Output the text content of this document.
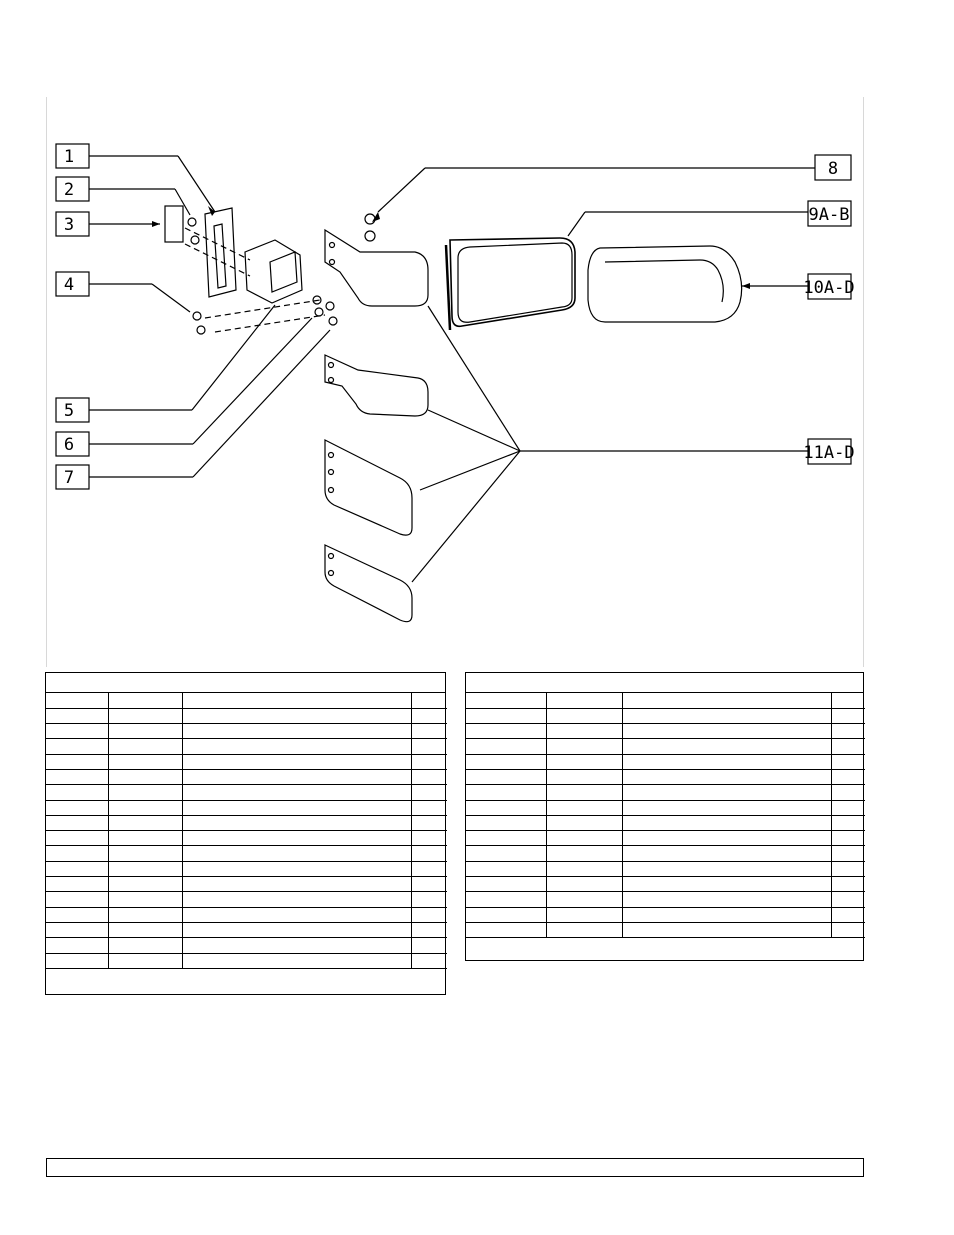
1
2
3
4
5
6
7
8
9A-B
10A-D
11A-D
